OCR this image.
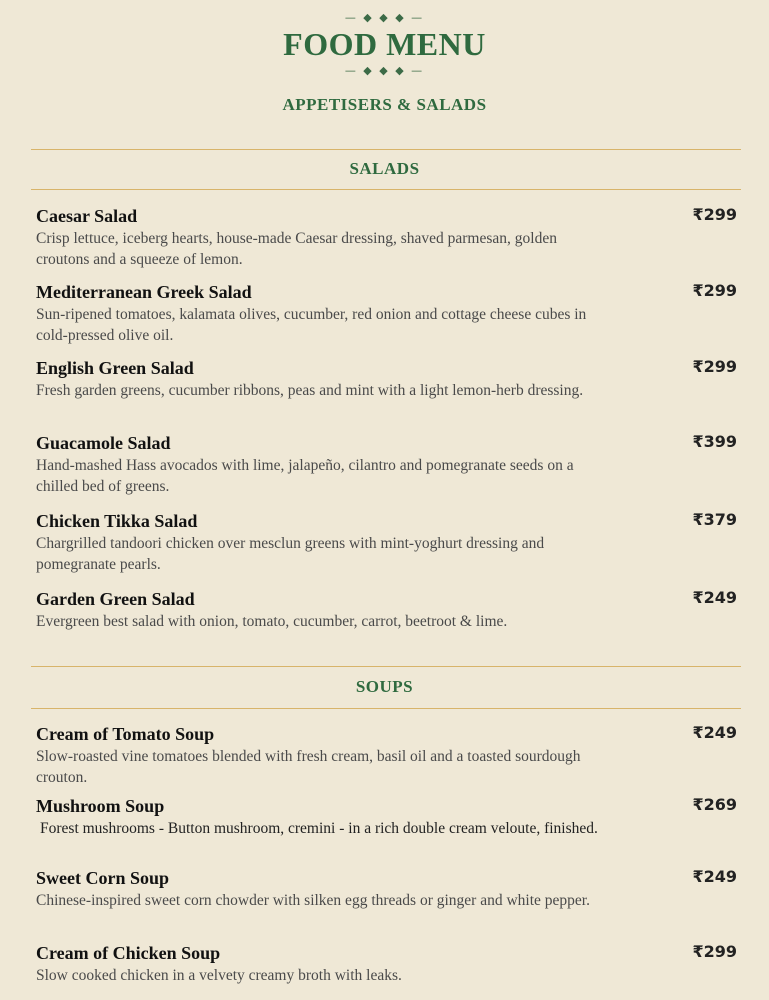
— ◆ ◆ ◆ —
FOOD MENU
— ◆ ◆ ◆ —
APPETISERS & SALADS
SALADS
Caesar Salad
Crisp lettuce, iceberg hearts, house-made Caesar dressing, shaved parmesan, golden croutons and a squeeze of lemon.
₹299
Mediterranean Greek Salad
Sun-ripened tomatoes, kalamata olives, cucumber, red onion and cottage cheese cubes in cold-pressed olive oil.
₹299
English Green Salad
Fresh garden greens, cucumber ribbons, peas and mint with a light lemon-herb dressing.
₹299
Guacamole Salad
Hand-mashed Hass avocados with lime, jalapeño, cilantro and pomegranate seeds on a chilled bed of greens.
₹399
Chicken Tikka Salad
Chargrilled tandoori chicken over mesclun greens with mint-yoghurt dressing and pomegranate pearls.
₹379
Garden Green Salad
Evergreen best salad with onion, tomato, cucumber, carrot, beetroot & lime.
₹249
SOUPS
Cream of Tomato Soup
Slow-roasted vine tomatoes blended with fresh cream, basil oil and a toasted sourdough crouton.
₹249
Mushroom Soup
Forest mushrooms - Button mushroom, cremini - in a rich double cream veloute, finished.
₹269
Sweet Corn Soup
Chinese-inspired sweet corn chowder with silken egg threads or ginger and white pepper.
₹249
Cream of Chicken Soup
Slow cooked chicken in a velvety creamy broth with leaks.
₹299
